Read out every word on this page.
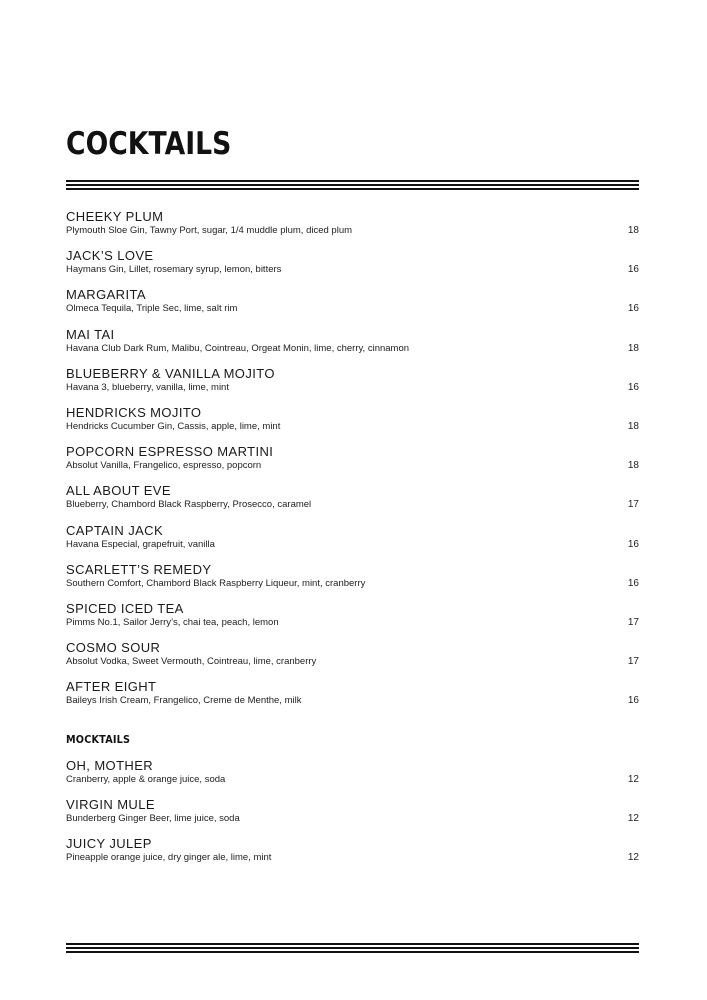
COCKTAILS
CHEEKY PLUM
Plymouth Sloe Gin, Tawny Port, sugar, 1/4 muddle plum, diced plum	18
JACK’S LOVE
Haymans Gin, Lillet, rosemary syrup, lemon, bitters	16
MARGARITA
Olmeca Tequila, Triple Sec, lime, salt rim	16
MAI TAI
Havana Club Dark Rum, Malibu, Cointreau, Orgeat Monin, lime, cherry, cinnamon	18
BLUEBERRY & VANILLA MOJITO
Havana 3, blueberry, vanilla, lime, mint	16
HENDRICKS MOJITO
Hendricks Cucumber Gin, Cassis, apple, lime, mint	18
POPCORN ESPRESSO MARTINI
Absolut Vanilla, Frangelico, espresso, popcorn	18
ALL ABOUT EVE
Blueberry, Chambord Black Raspberry, Prosecco, caramel	17
CAPTAIN JACK
Havana Especial, grapefruit, vanilla	16
SCARLETT’S REMEDY
Southern Comfort, Chambord Black Raspberry Liqueur, mint, cranberry	16
SPICED ICED TEA
Pimms No.1, Sailor Jerry’s, chai tea, peach, lemon	17
COSMO SOUR
Absolut Vodka, Sweet Vermouth, Cointreau, lime, cranberry	17
AFTER EIGHT
Baileys Irish Cream, Frangelico, Creme de Menthe, milk	16
MOCKTAILS
OH, MOTHER
Cranberry, apple & orange juice, soda	12
VIRGIN MULE
Bunderberg Ginger Beer, lime juice, soda	12
JUICY JULEP
Pineapple orange juice, dry ginger ale, lime, mint	12
